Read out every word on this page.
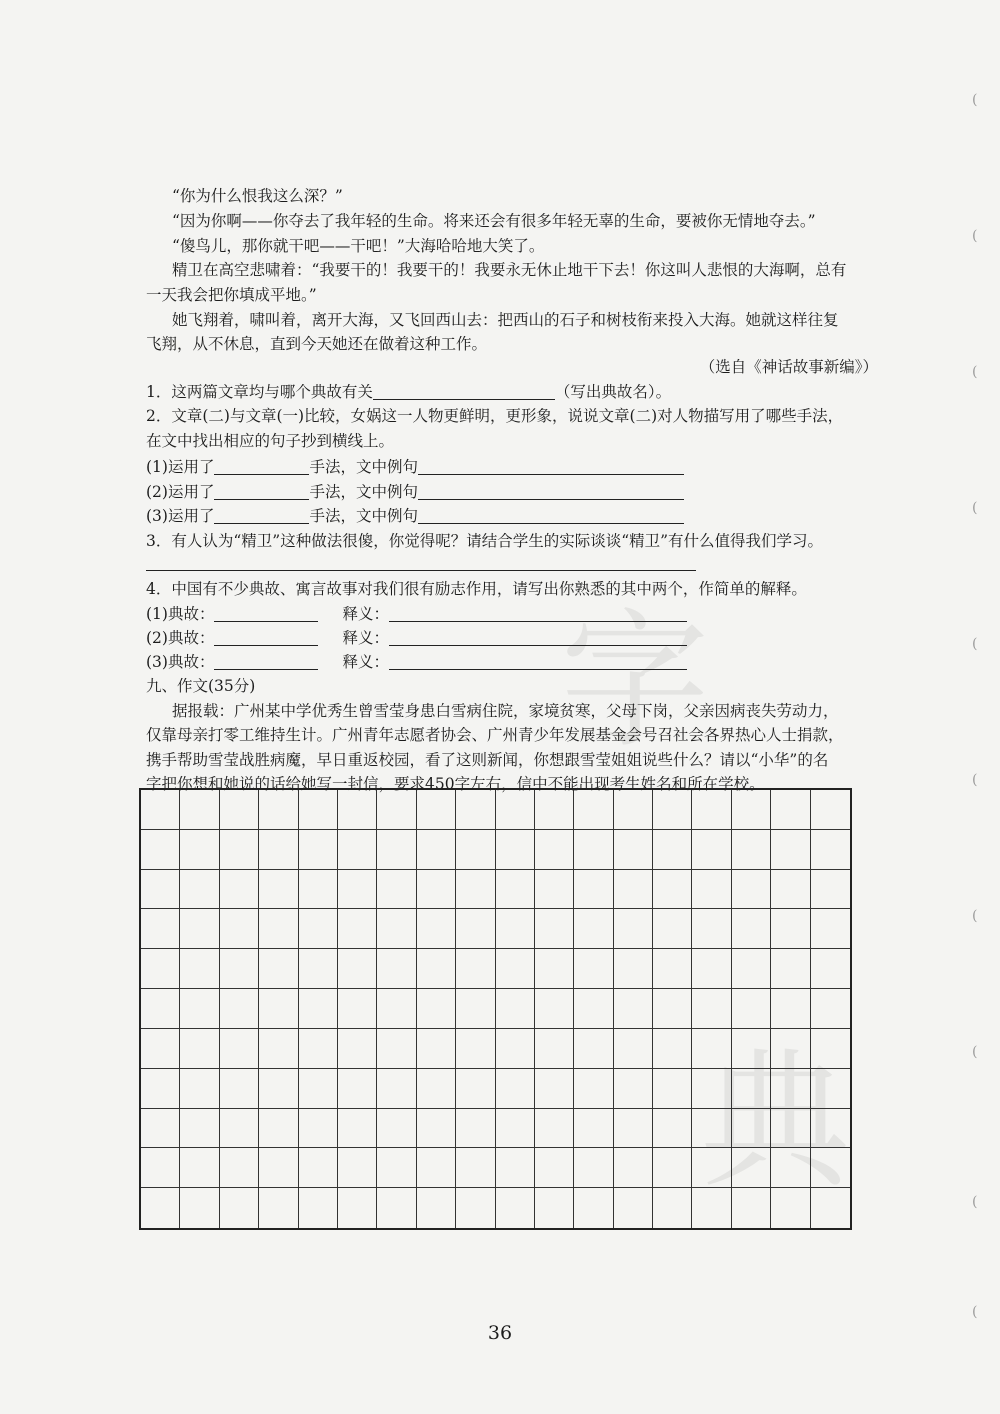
字
典
(
(
(
(
(
(
(
(
(
(
“你为什么恨我这么深？”
“因为你啊——你夺去了我年轻的生命。将来还会有很多年轻无辜的生命，要被你无情地夺去。”
“傻鸟儿，那你就干吧——干吧！”大海哈哈地大笑了。
精卫在高空悲啸着：“我要干的！我要干的！我要永无休止地干下去！你这叫人悲恨的大海啊，总有
一天我会把你填成平地。”
她飞翔着，啸叫着，离开大海，又飞回西山去：把西山的石子和树枝衔来投入大海。她就这样往复
飞翔，从不休息，直到今天她还在做着这种工作。
（选自《神话故事新编》）
1．这两篇文章均与哪个典故有关	（写出典故名）。
2．文章(二)与文章(一)比较，女娲这一人物更鲜明，更形象，说说文章(二)对人物描写用了哪些手法，
在文中找出相应的句子抄到横线上。
(1)运用了	手法，文中例句
(2)运用了	手法，文中例句
(3)运用了	手法，文中例句
3．有人认为“精卫”这种做法很傻，你觉得呢？请结合学生的实际谈谈“精卫”有什么值得我们学习。
4．中国有不少典故、寓言故事对我们很有励志作用，请写出你熟悉的其中两个，作简单的解释。
(1)典故：	释义：
(2)典故：	释义：
(3)典故：	释义：
九、作文(35分)
据报载：广州某中学优秀生曾雪莹身患白雪病住院，家境贫寒，父母下岗，父亲因病丧失劳动力，
仅靠母亲打零工维持生计。广州青年志愿者协会、广州青少年发展基金会号召社会各界热心人士捐款，
携手帮助雪莹战胜病魔，早日重返校园，看了这则新闻，你想跟雪莹姐姐说些什么？请以“小华”的名
字把你想和她说的话给她写一封信，要求450字左右，信中不能出现考生姓名和所在学校。
36
